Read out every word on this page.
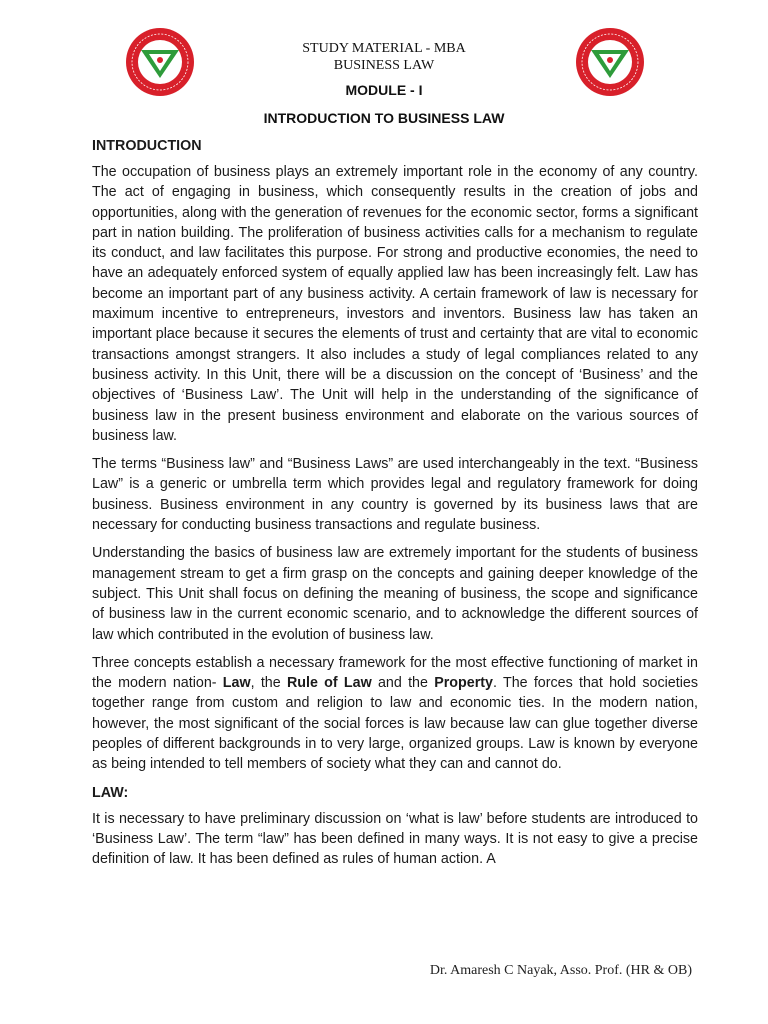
STUDY MATERIAL - MBA
BUSINESS LAW
MODULE - I
INTRODUCTION TO BUSINESS LAW
INTRODUCTION

The occupation of business plays an extremely important role in the economy of any country. The act of engaging in business, which consequently results in the creation of jobs and opportunities, along with the generation of revenues for the economic sector, forms a significant part in nation building. The proliferation of business activities calls for a mechanism to regulate its conduct, and law facilitates this purpose. For strong and productive economies, the need to have an adequately enforced system of equally applied law has been increasingly felt. Law has become an important part of any business activity. A certain framework of law is necessary for maximum incentive to entrepreneurs, investors and inventors. Business law has taken an important place because it secures the elements of trust and certainty that are vital to economic transactions amongst strangers. It also includes a study of legal compliances related to any business activity. In this Unit, there will be a discussion on the concept of ‘Business’ and the objectives of ‘Business Law’. The Unit will help in the understanding of the significance of business law in the present business environment and elaborate on the various sources of business law.

The terms “Business law” and “Business Laws” are used interchangeably in the text. “Business Law” is a generic or umbrella term which provides legal and regulatory framework for doing business. Business environment in any country is governed by its business laws that are necessary for conducting business transactions and regulate business.

Understanding the basics of business law are extremely important for the students of business management stream to get a firm grasp on the concepts and gaining deeper knowledge of the subject. This Unit shall focus on defining the meaning of business, the scope and significance of business law in the current economic scenario, and to acknowledge the different sources of law which contributed in the evolution of business law.

Three concepts establish a necessary framework for the most effective functioning of market in the modern nation- Law, the Rule of Law and the Property. The forces that hold societies together range from custom and religion to law and economic ties. In the modern nation, however, the most significant of the social forces is law because law can glue together diverse peoples of different backgrounds in to very large, organized groups. Law is known by everyone as being intended to tell members of society what they can and cannot do.

LAW:

It is necessary to have preliminary discussion on ‘what is law’ before students are introduced to ‘Business Law’. The term “law” has been defined in many ways. It is not easy to give a precise definition of law. It has been defined as rules of human action. A

Dr. Amaresh C Nayak, Asso. Prof. (HR & OB)
